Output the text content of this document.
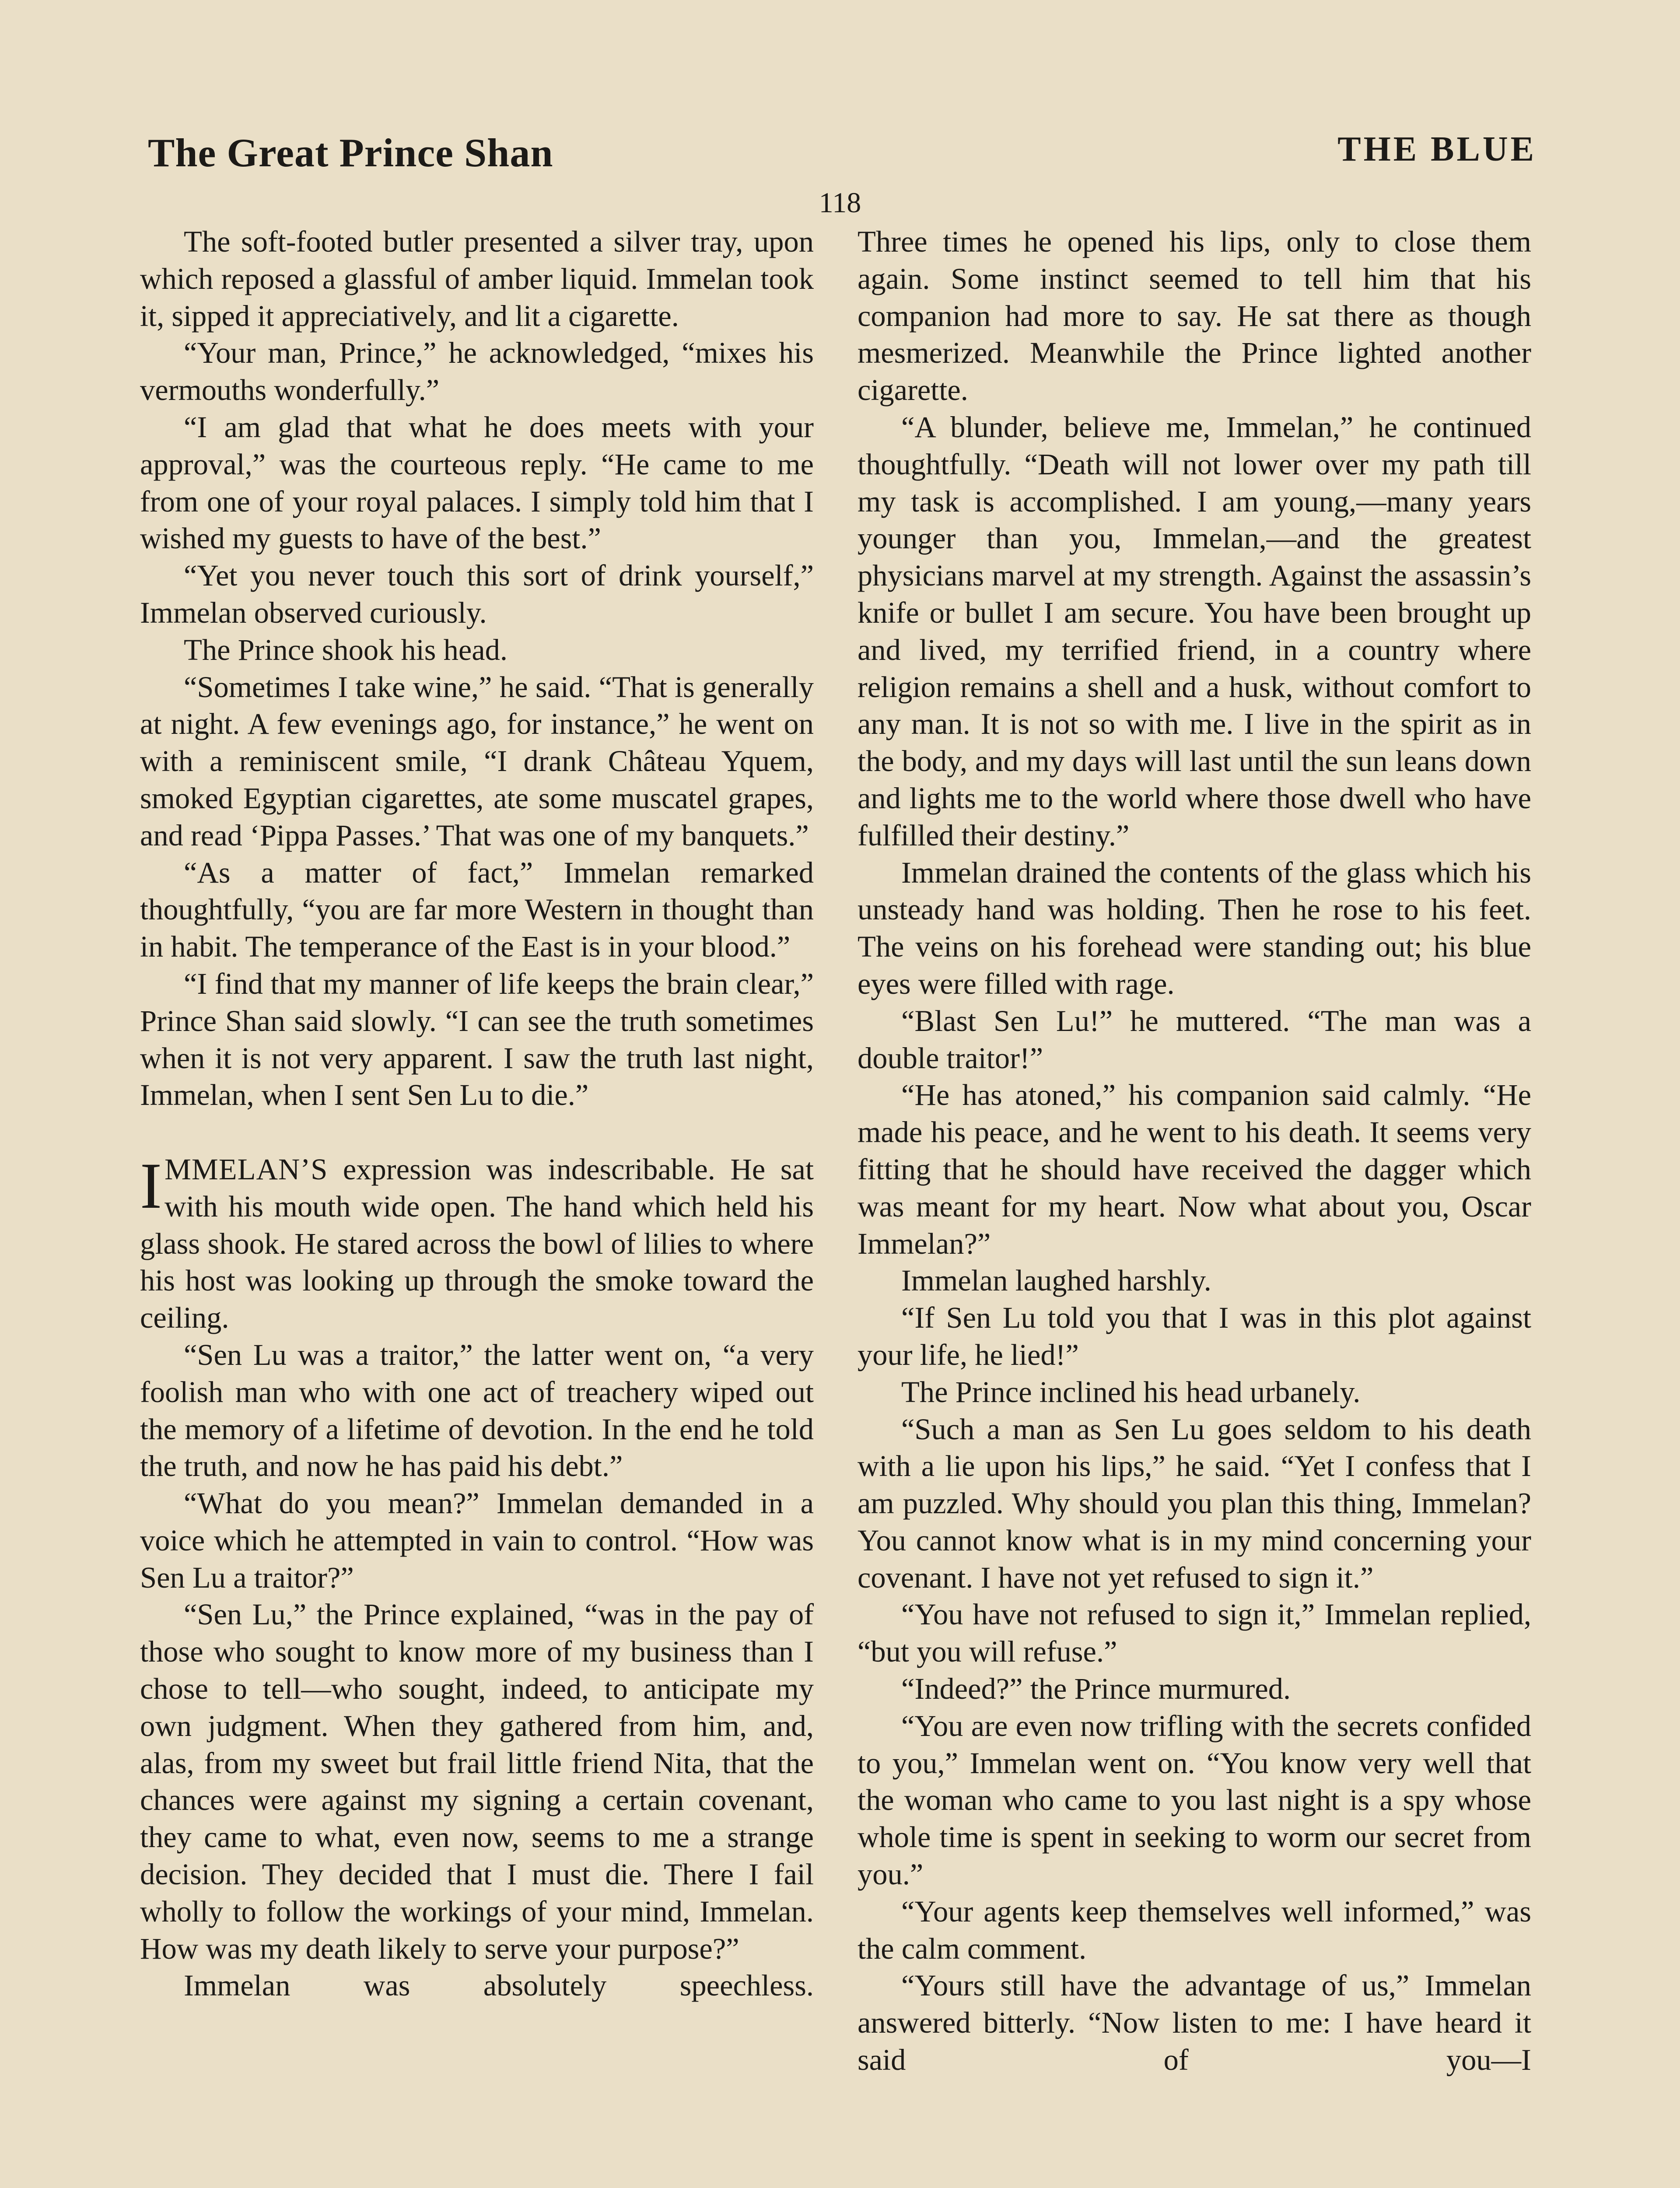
The Great Prince Shan	THE BLUE
118

The soft-footed butler presented a silver tray, upon which reposed a glassful of amber liquid. Immelan took it, sipped it appreciatively, and lit a cigarette.

“Your man, Prince,” he acknowledged, “mixes his vermouths wonderfully.”

“I am glad that what he does meets with your approval,” was the courteous reply. “He came to me from one of your royal palaces. I simply told him that I wished my guests to have of the best.”

“Yet you never touch this sort of drink yourself,” Immelan observed curiously.

The Prince shook his head.

“Sometimes I take wine,” he said. “That is generally at night. A few evenings ago, for instance,” he went on with a reminiscent smile, “I drank Château Yquem, smoked Egyptian cigarettes, ate some muscatel grapes, and read ‘Pippa Passes.’ That was one of my banquets.”

“As a matter of fact,” Immelan remarked thoughtfully, “you are far more Western in thought than in habit. The temperance of the East is in your blood.”

“I find that my manner of life keeps the brain clear,” Prince Shan said slowly. “I can see the truth sometimes when it is not very apparent. I saw the truth last night, Immelan, when I sent Sen Lu to die.”

IMMELAN’S expression was indescribable. He sat with his mouth wide open. The hand which held his glass shook. He stared across the bowl of lilies to where his host was looking up through the smoke toward the ceiling.

“Sen Lu was a traitor,” the latter went on, “a very foolish man who with one act of treachery wiped out the memory of a lifetime of devotion. In the end he told the truth, and now he has paid his debt.”

“What do you mean?” Immelan demanded in a voice which he attempted in vain to control. “How was Sen Lu a traitor?”

“Sen Lu,” the Prince explained, “was in the pay of those who sought to know more of my business than I chose to tell—who sought, indeed, to anticipate my own judgment. When they gathered from him, and, alas, from my sweet but frail little friend Nita, that the chances were against my signing a certain covenant, they came to what, even now, seems to me a strange decision. They decided that I must die. There I fail wholly to follow the workings of your mind, Immelan. How was my death likely to serve your purpose?”

Immelan was absolutely speechless.

Three times he opened his lips, only to close them again. Some instinct seemed to tell him that his companion had more to say. He sat there as though mesmerized. Meanwhile the Prince lighted another cigarette.

“A blunder, believe me, Immelan,” he continued thoughtfully. “Death will not lower over my path till my task is accomplished. I am young,—many years younger than you, Immelan,—and the greatest physicians marvel at my strength. Against the assassin’s knife or bullet I am secure. You have been brought up and lived, my terrified friend, in a country where religion remains a shell and a husk, without comfort to any man. It is not so with me. I live in the spirit as in the body, and my days will last until the sun leans down and lights me to the world where those dwell who have fulfilled their destiny.”

Immelan drained the contents of the glass which his unsteady hand was holding. Then he rose to his feet. The veins on his forehead were standing out; his blue eyes were filled with rage.

“Blast Sen Lu!” he muttered. “The man was a double traitor!”

“He has atoned,” his companion said calmly. “He made his peace, and he went to his death. It seems very fitting that he should have received the dagger which was meant for my heart. Now what about you, Oscar Immelan?”

Immelan laughed harshly.

“If Sen Lu told you that I was in this plot against your life, he lied!”

The Prince inclined his head urbanely.

“Such a man as Sen Lu goes seldom to his death with a lie upon his lips,” he said. “Yet I confess that I am puzzled. Why should you plan this thing, Immelan? You cannot know what is in my mind concerning your covenant. I have not yet refused to sign it.”

“You have not refused to sign it,” Immelan replied, “but you will refuse.”

“Indeed?” the Prince murmured.

“You are even now trifling with the secrets confided to you,” Immelan went on. “You know very well that the woman who came to you last night is a spy whose whole time is spent in seeking to worm our secret from you.”

“Your agents keep themselves well informed,” was the calm comment.

“Yours still have the advantage of us,” Immelan answered bitterly. “Now listen to me: I have heard it said of you—I
